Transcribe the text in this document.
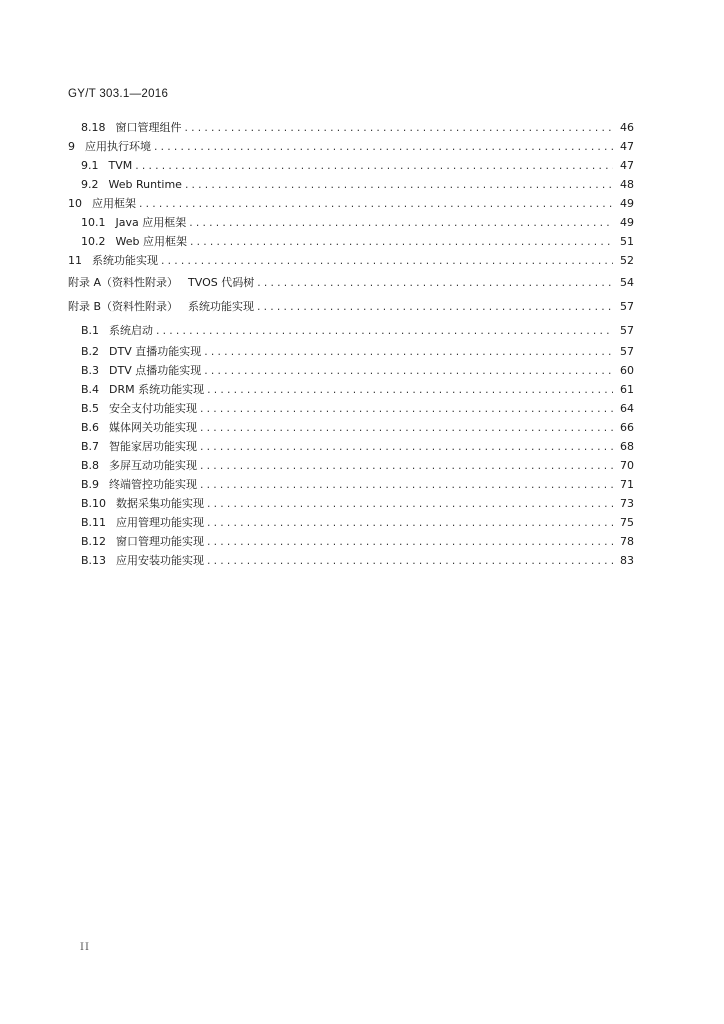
GY/T 303.1—2016
8.18 窗口管理组件 .....	46
9 应用执行环境 .....	47
9.1 TVM .....	47
9.2 Web Runtime .....	48
10 应用框架 .....	49
10.1 Java 应用框架 .....	49
10.2 Web 应用框架 .....	51
11 系统功能实现 .....	52
附录 A（资料性附录） TVOS 代码树 .....	54
附录 B（资料性附录） 系统功能实现 .....	57
B.1 系统启动 .....	57
B.2 DTV 直播功能实现 .....	57
B.3 DTV 点播功能实现 .....	60
B.4 DRM 系统功能实现 .....	61
B.5 安全支付功能实现 .....	64
B.6 媒体网关功能实现 .....	66
B.7 智能家居功能实现 .....	68
B.8 多屏互动功能实现 .....	70
B.9 终端管控功能实现 .....	71
B.10 数据采集功能实现 .....	73
B.11 应用管理功能实现 .....	75
B.12 窗口管理功能实现 .....	78
B.13 应用安装功能实现 .....	83
II
